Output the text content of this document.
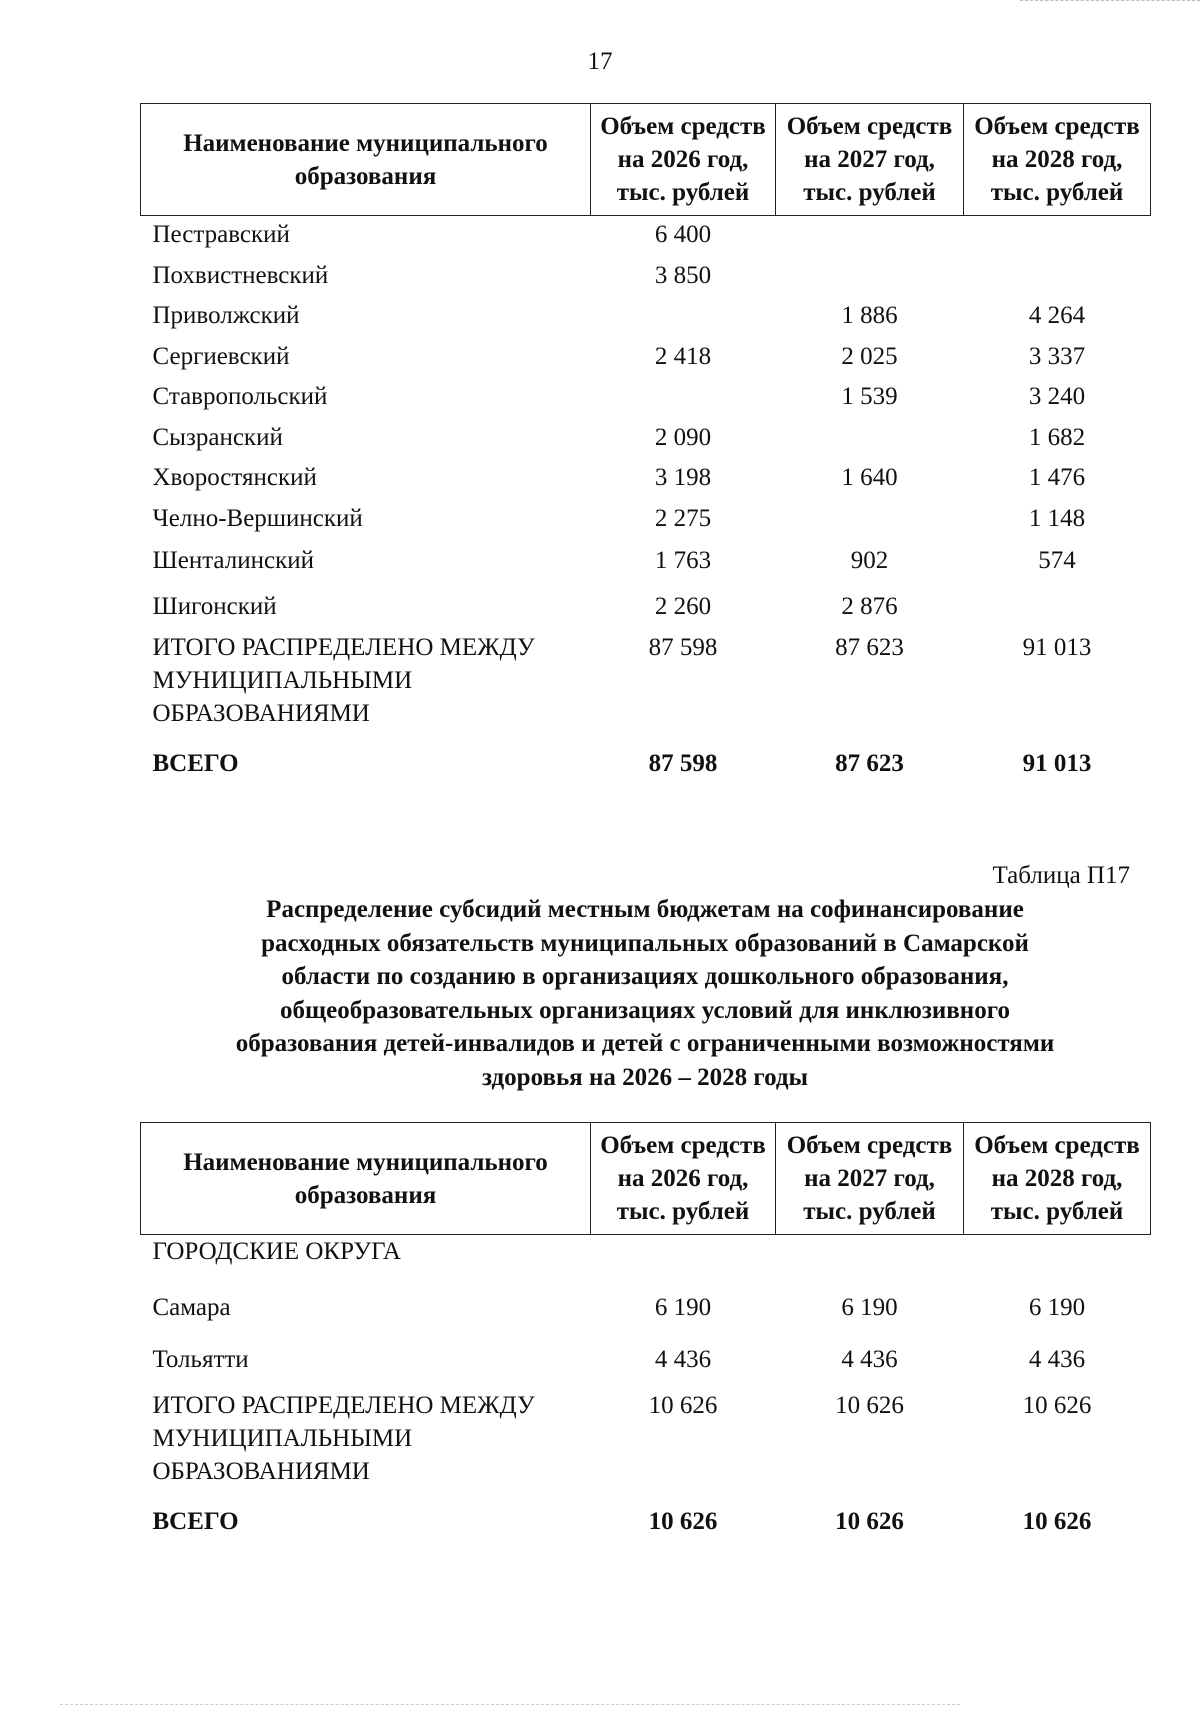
17
Наименование муниципального образования	Объем средств на 2026 год, тыс. рублей	Объем средств на 2027 год, тыс. рублей	Объем средств на 2028 год, тыс. рублей
Пестравский	6 400		
Похвистневский	3 850		
Приволжский		1 886	4 264
Сергиевский	2 418	2 025	3 337
Ставропольский		1 539	3 240
Сызранский	2 090		1 682
Хворостянский	3 198	1 640	1 476
Челно-Вершинский	2 275		1 148
Шенталинский	1 763	902	574
Шигонский	2 260	2 876	
ИТОГО РАСПРЕДЕЛЕНО МЕЖДУ МУНИЦИПАЛЬНЫМИ ОБРАЗОВАНИЯМИ	87 598	87 623	91 013
ВСЕГО	87 598	87 623	91 013
Таблица П17
Распределение субсидий местным бюджетам на софинансирование
расходных обязательств муниципальных образований в Самарской
области по созданию в организациях дошкольного образования,
общеобразовательных организациях условий для инклюзивного
образования детей-инвалидов и детей с ограниченными возможностями
здоровья на 2026 – 2028 годы
Наименование муниципального образования	Объем средств на 2026 год, тыс. рублей	Объем средств на 2027 год, тыс. рублей	Объем средств на 2028 год, тыс. рублей
ГОРОДСКИЕ ОКРУГА			
Самара	6 190	6 190	6 190
Тольятти	4 436	4 436	4 436
ИТОГО РАСПРЕДЕЛЕНО МЕЖДУ МУНИЦИПАЛЬНЫМИ ОБРАЗОВАНИЯМИ	10 626	10 626	10 626
ВСЕГО	10 626	10 626	10 626
